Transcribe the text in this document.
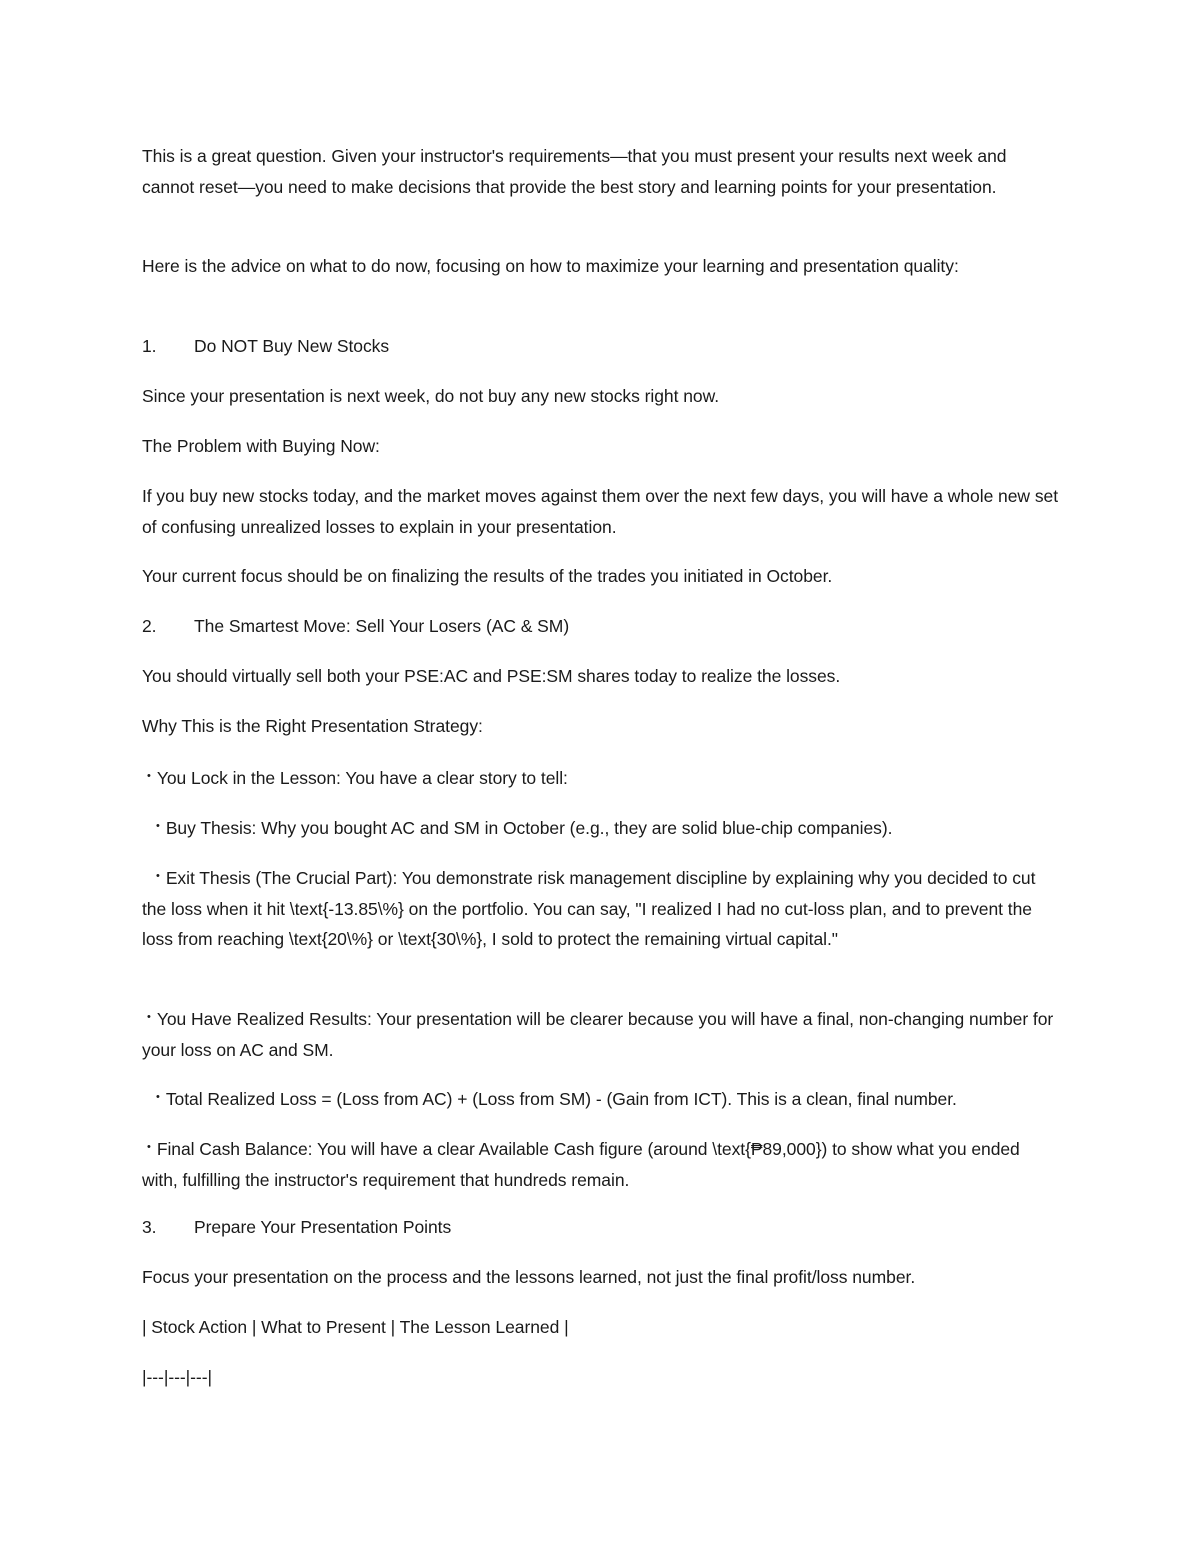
This is a great question. Given your instructor's requirements—that you must present your results next week and cannot reset—you need to make decisions that provide the best story and learning points for your presentation.
Here is the advice on what to do now, focusing on how to maximize your learning and presentation quality:
1. Do NOT Buy New Stocks
Since your presentation is next week, do not buy any new stocks right now.
The Problem with Buying Now:
If you buy new stocks today, and the market moves against them over the next few days, you will have a whole new set of confusing unrealized losses to explain in your presentation.
Your current focus should be on finalizing the results of the trades you initiated in October.
2. The Smartest Move: Sell Your Losers (AC & SM)
You should virtually sell both your PSE:AC and PSE:SM shares today to realize the losses.
Why This is the Right Presentation Strategy:
• You Lock in the Lesson: You have a clear story to tell:
• Buy Thesis: Why you bought AC and SM in October (e.g., they are solid blue-chip companies).
• Exit Thesis (The Crucial Part): You demonstrate risk management discipline by explaining why you decided to cut the loss when it hit \text{-13.85\%} on the portfolio. You can say, "I realized I had no cut-loss plan, and to prevent the loss from reaching \text{20\%} or \text{30\%}, I sold to protect the remaining virtual capital."
• You Have Realized Results: Your presentation will be clearer because you will have a final, non-changing number for your loss on AC and SM.
• Total Realized Loss = (Loss from AC) + (Loss from SM) - (Gain from ICT). This is a clean, final number.
• Final Cash Balance: You will have a clear Available Cash figure (around \text{₱89,000}) to show what you ended with, fulfilling the instructor's requirement that hundreds remain.
3. Prepare Your Presentation Points
Focus your presentation on the process and the lessons learned, not just the final profit/loss number.
| Stock Action | What to Present | The Lesson Learned |
|---|---|---|
